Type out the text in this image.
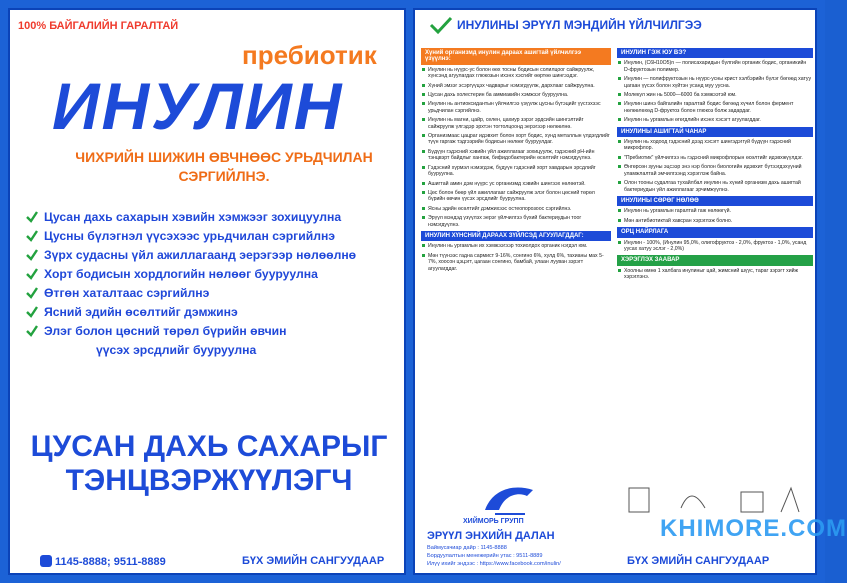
100% БАЙГАЛИЙН ГАРАЛТАЙ
пребиотик
ИНУЛИН
ЧИХРИЙН ШИЖИН ӨВЧНӨӨС УРЬДЧИЛАН СЭРГИЙЛНЭ.
Цусан дахь сахарын хэвийн хэмжээг зохицуулна
Цусны бүлэгнэл үүсэхээс урьдчилан сэргийлнэ
Зүрх судасны үйл ажиллагаанд эерэгээр нөлөөлнө
Хорт бодисын хордлогийн нөлөөг бууруулна
Өтгөн хаталтаас сэргийлнэ
Ясний эдийн өсөлтийг дэмжинэ
Элэг болон цөсний төрөл бүрийн өвчин
үүсэх эрсдлийг бууруулна
ЦУСАН ДАХЬ САХАРЫГ
ТЭНЦВЭРЖҮҮЛЭГЧ
1145-8888; 9511-8889	БҮХ ЭМИЙН САНГУУДААР
ИНУЛИНЫ ЭРҮҮЛ МЭНДИЙН ҮЙЛЧИЛГЭЭ
Хүний организмд инулин дараах ашигтай үйлчилгээ үзүүлнэ:
Инулин нь нүүрс-ус болон өөх тосны бодисын солилцоог сайжруулж, хүнсэнд агуулагдах глюкозын ихэнх хэсгийг өөртөө шингээдэг.
Хүний эмзэг эсэргүүцэх чадварыг нэмэгдүүлж, дархлааг сайжруулна.
Цусан дахь холестерин ба аммиакийн хэмжээг бууруулна.
Инулин нь антиоксидантын үйлчилгээ үзүүлж цусны бүтэцийг үүсгэхээс урьдчилан сэргийлнэ.
Инулин нь магни, цайр, селен, цахиур зэрэг эрдсийн шингэлтийг сайжруулж үлгэдэр эрхтэн тогтолцоонд эерэгээр нөлөөлнө.
Организмаас цацраг идэвхит болон хорт бодис, хүнд металлын үлдэгдлийг түүн гаргаж тэдгээрийн бодисын нөлөөг бууруулдаг.
Бүдүүн гэдэсний хэвийн үйл ажиллагааг зохицуулж, гэдэсний рН-ийн тэнцвэрт байдлыг хангаж, бифидобактерийн өсөлтийг нэмэгдүүлнэ.
Гэдэсний хүрмэл нэмэгдэж, бүдүүн гэдэсний хорт хавдарын эрсдлийг бууруулна.
Ашигтай амин дэм нүүрс ус организмд хэвийн шингээх нөлөөтэй.
Цөс болон бөөр үйл ажиллагааг сайжруулж элэг болон цөсний төрөл бүрийн өвчин үүсэх эрсдлийг бууруулна.
Ясны эдийн өсөлтийг дэмжихээс остеопорозоос сэргийлнэ.
Эрүүл мэндэд үзүүлэх эерэг үйлчилгээ бүхий бактериудын тоог нэмэгдүүлнэ.
ИНУЛИН ХҮНСНИЙ ДАРААХ ЗҮЙЛСЭД АГУУЛАГДДАГ:
Инулин нь ургамлын их хэмжээгээр тохиолдох органик нэгдэл юм.
Мөн түүнээс гадна сармист 9-16%, сонгино 6%, хулд 6%, тахианы мах 5-7%, хоосон цэцэгт, цагаан сонгино, бамбай, улаан лууван зэрэгт агуулагддаг.
ИНУЛИН ГЭЖ ЮУ ВЭ?
Инулин, (C6H10O5)n — полисахаридын бүлгийн органик бодис, органикийн D-фруктозын полимер.
Инулин — полифруктозын нь нүүрс-усны крист хэлбэрийн бүлэг бөгөөд хатуу цагаан үүсэх болон хүйтэн усанд муу уусна.
Молекул жин нь 5000—6000 ба хэмжээтэй юм.
Инулин шинэ байгалийн гаралтай бодис бөгөөд хүчил болон фермент нөлөөлөхөд D-фруктоз болон глюкоз болж задардаг.
Инулин нь ургамлын өгөгдлийн ихэнх хэсэгт агуулагддаг.
ИНУЛИНЫ АШИГТАЙ ЧАНАР
Инулин нь ходоод гэдэсний дээд хэсэгт шингэдэггүй бүдүүн гэдэсний микрофлор.
"Пребиотик" үйлчилгээ нь гэдэсний микрофлорын өсөлтийг идэвхжүүлдэг.
Өнгөрсөн зууны эцсээр энэ нэр болон биологийн идэвхит бүтээгдэхүүний уламжлалтай эмчилгээнд хэрэглэж байна.
Олон тооны судалгаа тухайлбал инулин нь хүний организм дахь ашигтай бактериудын үйл ажиллагааг эрчимжүүлнэ.
ИНУЛИНЫ СӨРӨГ НӨЛӨӨ
Инулин нь ургамлын гаралтай гаж нөлөөгүй.
Мөн антибиотиктай хавсран хэрэглэж болно.
ОРЦ НАЙРЛАГА
Инулин - 100%, (Инулин 95,0%, олигофруктоз - 2,0%, фруктоз - 1,0%, усанд уусах хатуу эслэг - 2,0%)
ХЭРЭГЛЭХ ЗААВАР
Хоолны өмнө 1 халбага инулиныг цай, жимсний шүүс, тараг зэрэгт хийж хэрэглэнэ.
ХИЙМОРЬ ГРУПП
ЭРҮҮЛ ЭНХИЙН ДАЛАН
Ваймусачиар дайр : 1145-8888
Бордуулалтын менежерийн утас : 9511-8889
Илүү ихийг эндээс : https://www.facebook.com/inulin/
KHIMORE.COM
БҮХ ЭМИЙН САНГУУДААР
